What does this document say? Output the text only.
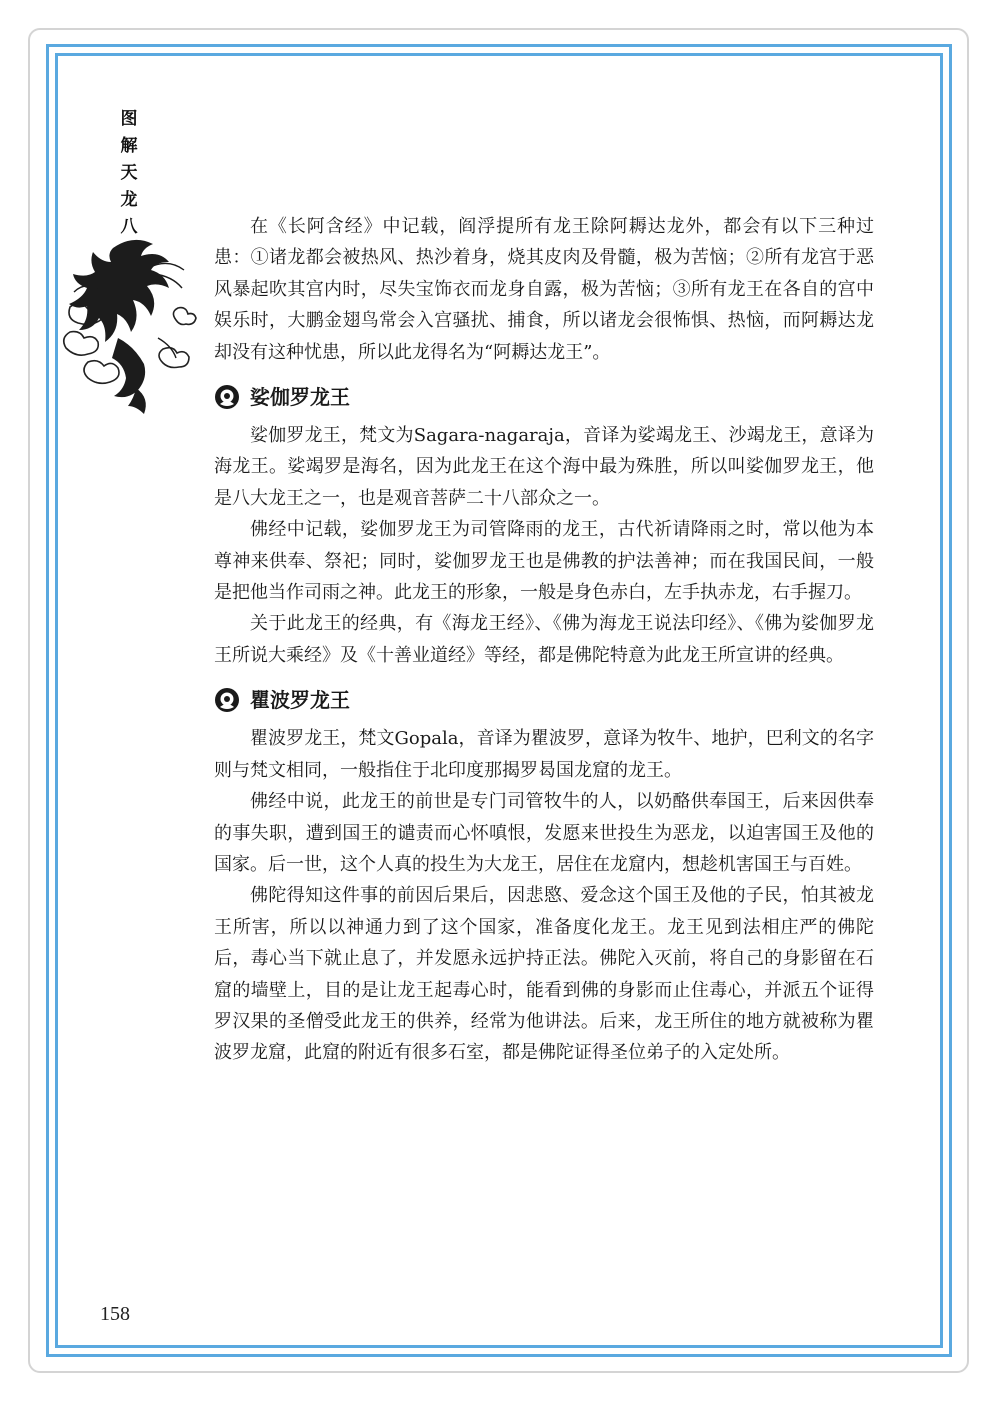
图
解
天
龙
八	在《长阿含经》中记载，阎浮提所有龙王除阿耨达龙外，都会有以下三种过患：①诸龙都会被热风、热沙着身，烧其皮肉及骨髓，极为苦恼；②所有龙宫于恶风暴起吹其宫内时，尽失宝饰衣而龙身自露，极为苦恼；③所有龙王在各自的宫中娱乐时，大鹏金翅鸟常会入宫骚扰、捕食，所以诸龙会很怖惧、热恼，而阿耨达龙却没有这种忧患，所以此龙得名为“阿耨达龙王”。

娑伽罗龙王

娑伽罗龙王，梵文为Sagara-nagaraja，音译为娑竭龙王、沙竭龙王，意译为海龙王。娑竭罗是海名，因为此龙王在这个海中最为殊胜，所以叫娑伽罗龙王，他是八大龙王之一，也是观音菩萨二十八部众之一。

佛经中记载，娑伽罗龙王为司管降雨的龙王，古代祈请降雨之时，常以他为本尊神来供奉、祭祀；同时，娑伽罗龙王也是佛教的护法善神；而在我国民间，一般是把他当作司雨之神。此龙王的形象，一般是身色赤白，左手执赤龙，右手握刀。

关于此龙王的经典，有《海龙王经》、《佛为海龙王说法印经》、《佛为娑伽罗龙王所说大乘经》及《十善业道经》等经，都是佛陀特意为此龙王所宣讲的经典。

瞿波罗龙王

瞿波罗龙王，梵文Gopala，音译为瞿波罗，意译为牧牛、地护，巴利文的名字则与梵文相同，一般指住于北印度那揭罗曷国龙窟的龙王。

佛经中说，此龙王的前世是专门司管牧牛的人，以奶酪供奉国王，后来因供奉的事失职，遭到国王的谴责而心怀嗔恨，发愿来世投生为恶龙，以迫害国王及他的国家。后一世，这个人真的投生为大龙王，居住在龙窟内，想趁机害国王与百姓。

佛陀得知这件事的前因后果后，因悲愍、爱念这个国王及他的子民，怕其被龙王所害，所以以神通力到了这个国家，准备度化龙王。龙王见到法相庄严的佛陀后，毒心当下就止息了，并发愿永远护持正法。佛陀入灭前，将自己的身影留在石窟的墙壁上，目的是让龙王起毒心时，能看到佛的身影而止住毒心，并派五个证得罗汉果的圣僧受此龙王的供养，经常为他讲法。后来，龙王所住的地方就被称为瞿波罗龙窟，此窟的附近有很多石室，都是佛陀证得圣位弟子的入定处所。

158
